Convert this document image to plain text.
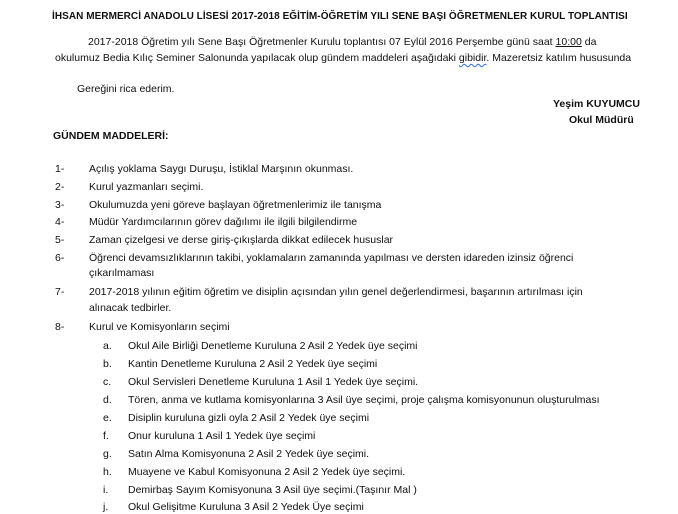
İHSAN MERMERCİ ANADOLU LİSESİ 2017-2018 EĞİTİM-ÖĞRETİM YILI SENE BAŞI ÖĞRETMENLER KURUL TOPLANTISI
2017-2018 Öğretim yılı Sene Başı Öğretmenler Kurulu toplantısı 07 Eylül 2016 Perşembe günü saat 10:00 da
okulumuz Bedia Kılıç Seminer Salonunda yapılacak olup gündem maddeleri aşağıdaki gibidir. Mazeretsiz katılım hususunda
Gereğini rica ederim.
Yeşim KUYUMCU
Okul Müdürü
GÜNDEM MADDELERİ:
1- Açılış yoklama Saygı Duruşu, İstiklal Marşının okunması.
2- Kurul yazmanları seçimi.
3- Okulumuzda yeni göreve başlayan öğretmenlerimiz ile tanışma
4- Müdür Yardımcılarının görev dağılımı ile ilgili bilgilendirme
5- Zaman çizelgesi ve derse giriş-çıkışlarda dikkat edilecek hususlar
6- Öğrenci devamsızlıklarının takibi, yoklamaların zamanında yapılması ve dersten idareden izinsiz öğrenci
çıkarılmaması
7- 2017-2018 yılının eğitim öğretim ve disiplin açısından yılın genel değerlendirmesi, başarının artırılması için
alınacak tedbirler.
8- Kurul ve Komisyonların seçimi
a. Okul Aile Birliği Denetleme Kuruluna 2 Asil 2 Yedek üye seçimi
b. Kantin Denetleme Kuruluna 2 Asil 2 Yedek üye seçimi
c. Okul Servisleri Denetleme Kuruluna 1 Asil 1 Yedek üye seçimi.
d. Tören, anma ve kutlama komisyonlarına 3 Asil üye seçimi, proje çalışma komisyonunun oluşturulması
e. Disiplin kuruluna gizli oyla 2 Asil 2 Yedek üye seçimi
f. Onur kuruluna 1 Asil 1 Yedek üye seçimi
g. Satın Alma Komisyonuna 2 Asil 2 Yedek üye seçimi.
h. Muayene ve Kabul Komisyonuna 2 Asil 2 Yedek üye seçimi.
i. Demirbaş Sayım Komisyonuna 3 Asil üye seçimi.(Taşınır Mal )
j. Okul Gelişitme Kuruluna 3 Asil 2 Yedek Üye seçimi
